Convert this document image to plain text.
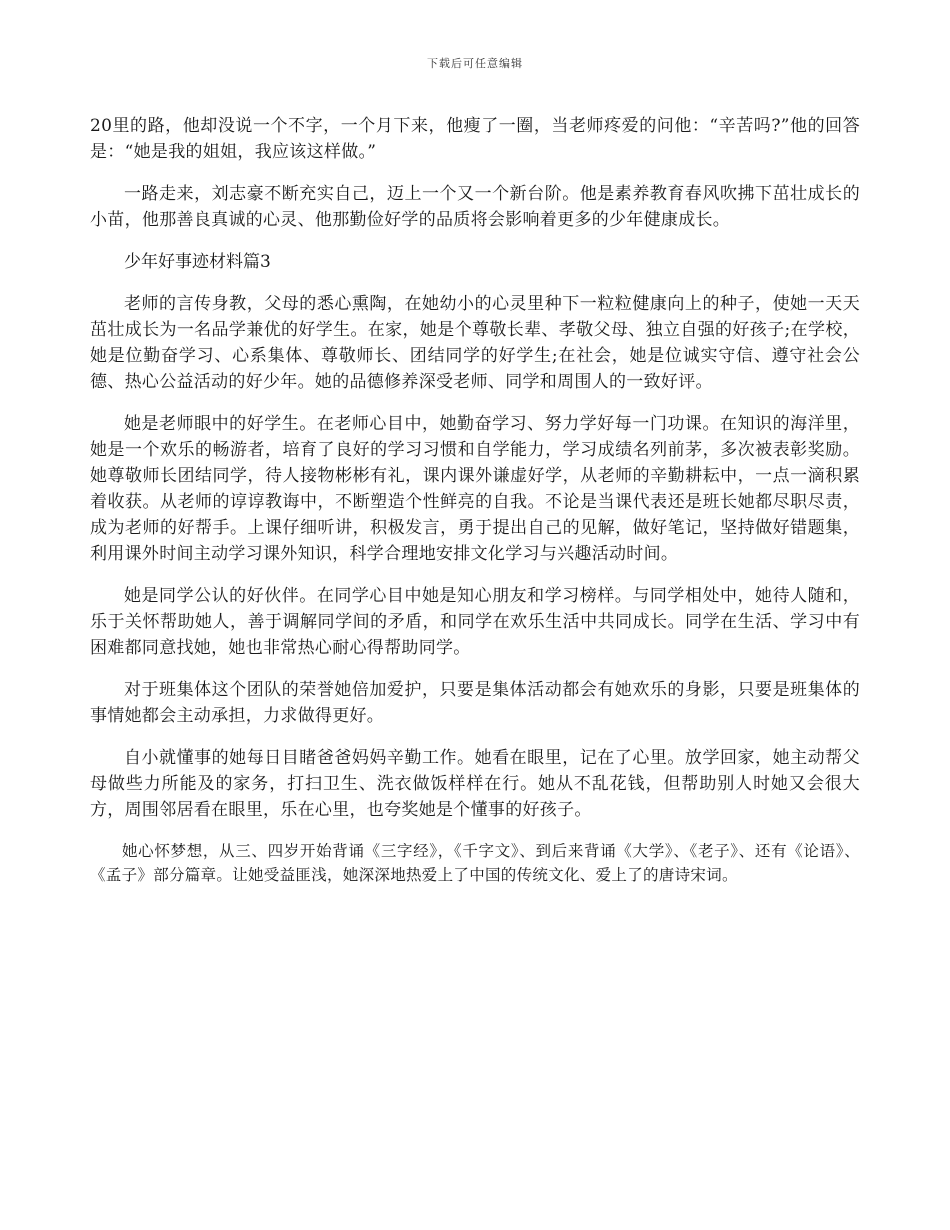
下载后可任意编辑

20里的路，他却没说一个不字，一个月下来，他瘦了一圈，当老师疼爱的问他：“辛苦吗?”他的回答是：“她是我的姐姐，我应该这样做。”

一路走来，刘志豪不断充实自己，迈上一个又一个新台阶。他是素养教育春风吹拂下茁壮成长的小苗，他那善良真诚的心灵、他那勤俭好学的品质将会影响着更多的少年健康成长。

少年好事迹材料篇3

老师的言传身教，父母的悉心熏陶，在她幼小的心灵里种下一粒粒健康向上的种子，使她一天天茁壮成长为一名品学兼优的好学生。在家，她是个尊敬长辈、孝敬父母、独立自强的好孩子;在学校，她是位勤奋学习、心系集体、尊敬师长、团结同学的好学生;在社会，她是位诚实守信、遵守社会公德、热心公益活动的好少年。她的品德修养深受老师、同学和周围人的一致好评。

她是老师眼中的好学生。在老师心目中，她勤奋学习、努力学好每一门功课。在知识的海洋里，她是一个欢乐的畅游者，培育了良好的学习习惯和自学能力，学习成绩名列前茅，多次被表彰奖励。她尊敬师长团结同学，待人接物彬彬有礼，课内课外谦虚好学，从老师的辛勤耕耘中，一点一滴积累着收获。从老师的谆谆教诲中，不断塑造个性鲜亮的自我。不论是当课代表还是班长她都尽职尽责，成为老师的好帮手。上课仔细听讲，积极发言，勇于提出自己的见解，做好笔记，坚持做好错题集，利用课外时间主动学习课外知识，科学合理地安排文化学习与兴趣活动时间。

她是同学公认的好伙伴。在同学心目中她是知心朋友和学习榜样。与同学相处中，她待人随和，乐于关怀帮助她人，善于调解同学间的矛盾，和同学在欢乐生活中共同成长。同学在生活、学习中有困难都同意找她，她也非常热心耐心得帮助同学。

对于班集体这个团队的荣誉她倍加爱护，只要是集体活动都会有她欢乐的身影，只要是班集体的事情她都会主动承担，力求做得更好。

自小就懂事的她每日目睹爸爸妈妈辛勤工作。她看在眼里，记在了心里。放学回家，她主动帮父母做些力所能及的家务，打扫卫生、洗衣做饭样样在行。她从不乱花钱，但帮助别人时她又会很大方，周围邻居看在眼里，乐在心里，也夸奖她是个懂事的好孩子。

她心怀梦想，从三、四岁开始背诵《三字经》，《千字文》、到后来背诵《大学》、《老子》、还有《论语》、《孟子》部分篇章。让她受益匪浅，她深深地热爱上了中国的传统文化、爱上了的唐诗宋词。
